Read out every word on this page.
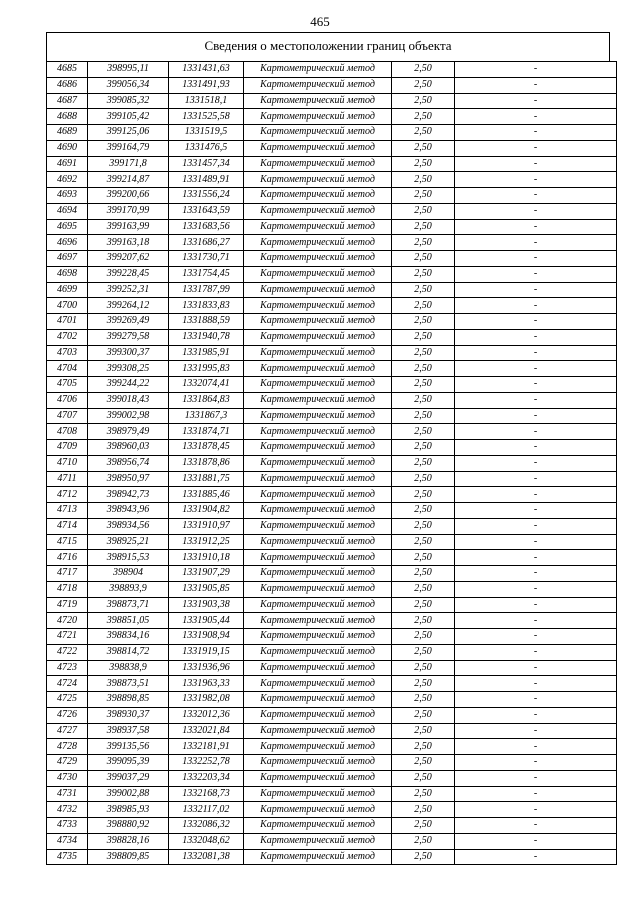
465
Сведения о местоположении границ объекта
4685	398995,11	1331431,63	Картометрический метод	2,50	-
4686	399056,34	1331491,93	Картометрический метод	2,50	-
4687	399085,32	1331518,1	Картометрический метод	2,50	-
4688	399105,42	1331525,58	Картометрический метод	2,50	-
4689	399125,06	1331519,5	Картометрический метод	2,50	-
4690	399164,79	1331476,5	Картометрический метод	2,50	-
4691	399171,8	1331457,34	Картометрический метод	2,50	-
4692	399214,87	1331489,91	Картометрический метод	2,50	-
4693	399200,66	1331556,24	Картометрический метод	2,50	-
4694	399170,99	1331643,59	Картометрический метод	2,50	-
4695	399163,99	1331683,56	Картометрический метод	2,50	-
4696	399163,18	1331686,27	Картометрический метод	2,50	-
4697	399207,62	1331730,71	Картометрический метод	2,50	-
4698	399228,45	1331754,45	Картометрический метод	2,50	-
4699	399252,31	1331787,99	Картометрический метод	2,50	-
4700	399264,12	1331833,83	Картометрический метод	2,50	-
4701	399269,49	1331888,59	Картометрический метод	2,50	-
4702	399279,58	1331940,78	Картометрический метод	2,50	-
4703	399300,37	1331985,91	Картометрический метод	2,50	-
4704	399308,25	1331995,83	Картометрический метод	2,50	-
4705	399244,22	1332074,41	Картометрический метод	2,50	-
4706	399018,43	1331864,83	Картометрический метод	2,50	-
4707	399002,98	1331867,3	Картометрический метод	2,50	-
4708	398979,49	1331874,71	Картометрический метод	2,50	-
4709	398960,03	1331878,45	Картометрический метод	2,50	-
4710	398956,74	1331878,86	Картометрический метод	2,50	-
4711	398950,97	1331881,75	Картометрический метод	2,50	-
4712	398942,73	1331885,46	Картометрический метод	2,50	-
4713	398943,96	1331904,82	Картометрический метод	2,50	-
4714	398934,56	1331910,97	Картометрический метод	2,50	-
4715	398925,21	1331912,25	Картометрический метод	2,50	-
4716	398915,53	1331910,18	Картометрический метод	2,50	-
4717	398904	1331907,29	Картометрический метод	2,50	-
4718	398893,9	1331905,85	Картометрический метод	2,50	-
4719	398873,71	1331903,38	Картометрический метод	2,50	-
4720	398851,05	1331905,44	Картометрический метод	2,50	-
4721	398834,16	1331908,94	Картометрический метод	2,50	-
4722	398814,72	1331919,15	Картометрический метод	2,50	-
4723	398838,9	1331936,96	Картометрический метод	2,50	-
4724	398873,51	1331963,33	Картометрический метод	2,50	-
4725	398898,85	1331982,08	Картометрический метод	2,50	-
4726	398930,37	1332012,36	Картометрический метод	2,50	-
4727	398937,58	1332021,84	Картометрический метод	2,50	-
4728	399135,56	1332181,91	Картометрический метод	2,50	-
4729	399095,39	1332252,78	Картометрический метод	2,50	-
4730	399037,29	1332203,34	Картометрический метод	2,50	-
4731	399002,88	1332168,73	Картометрический метод	2,50	-
4732	398985,93	1332117,02	Картометрический метод	2,50	-
4733	398880,92	1332086,32	Картометрический метод	2,50	-
4734	398828,16	1332048,62	Картометрический метод	2,50	-
4735	398809,85	1332081,38	Картометрический метод	2,50	-
